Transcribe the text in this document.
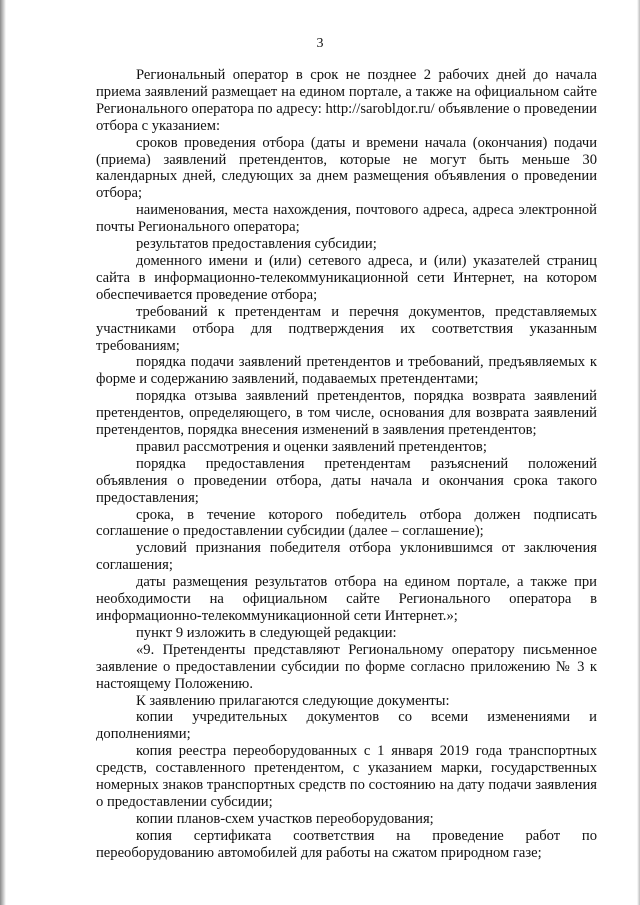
3

Региональный оператор в срок не позднее 2 рабочих дней до начала приема заявлений размещает на едином портале, а также на официальном сайте Регионального оператора по адресу: http://saroblдor.ru/ объявление о проведении отбора с указанием:

сроков проведения отбора (даты и времени начала (окончания) подачи (приема) заявлений претендентов, которые не могут быть меньше 30 календарных дней, следующих за днем размещения объявления о проведении отбора;

наименования, места нахождения, почтового адреса, адреса электронной почты Регионального оператора;

результатов предоставления субсидии;

доменного имени и (или) сетевого адреса, и (или) указателей страниц сайта в информационно-телекоммуникационной сети Интернет, на котором обеспечивается проведение отбора;

требований к претендентам и перечня документов, представляемых участниками отбора для подтверждения их соответствия указанным требованиям;

порядка подачи заявлений претендентов и требований, предъявляемых к форме и содержанию заявлений, подаваемых претендентами;

порядка отзыва заявлений претендентов, порядка возврата заявлений претендентов, определяющего, в том числе, основания для возврата заявлений претендентов, порядка внесения изменений в заявления претендентов;

правил рассмотрения и оценки заявлений претендентов;

порядка предоставления претендентам разъяснений положений объявления о проведении отбора, даты начала и окончания срока такого предоставления;

срока, в течение которого победитель отбора должен подписать соглашение о предоставлении субсидии (далее – соглашение);

условий признания победителя отбора уклонившимся от заключения соглашения;

даты размещения результатов отбора на едином портале, а также при необходимости на официальном сайте Регионального оператора в информационно-телекоммуникационной сети Интернет.»;

пункт 9 изложить в следующей редакции:

«9. Претенденты представляют Региональному оператору письменное заявление о предоставлении субсидии по форме согласно приложению № 3 к настоящему Положению.

К заявлению прилагаются следующие документы:

копии учредительных документов со всеми изменениями и дополнениями;

копия реестра переоборудованных с 1 января 2019 года транспортных средств, составленного претендентом, с указанием марки, государственных номерных знаков транспортных средств по состоянию на дату подачи заявления о предоставлении субсидии;

копии планов-схем участков переоборудования;

копия сертификата соответствия на проведение работ по переоборудованию автомобилей для работы на сжатом природном газе;
